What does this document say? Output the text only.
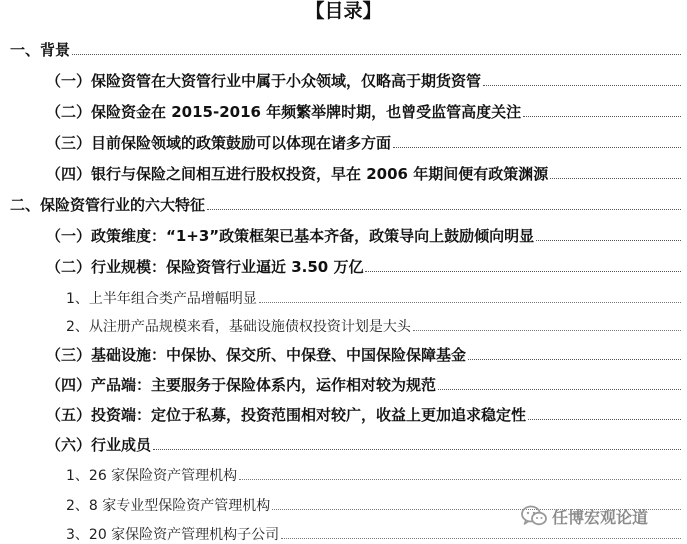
【目录】
一、背景
（一）保险资管在大资管行业中属于小众领域，仅略高于期货资管
（二）保险资金在 2015-2016 年频繁举牌时期，也曾受监管高度关注
（三）目前保险领域的政策鼓励可以体现在诸多方面
（四）银行与保险之间相互进行股权投资，早在 2006 年期间便有政策渊源
二、保险资管行业的六大特征
（一）政策维度：“1+3”政策框架已基本齐备，政策导向上鼓励倾向明显
（二）行业规模：保险资管行业逼近 3.50 万亿
1、上半年组合类产品增幅明显
2、从注册产品规模来看，基础设施债权投资计划是大头
（三）基础设施：中保协、保交所、中保登、中国保险保障基金
（四）产品端：主要服务于保险体系内，运作相对较为规范
（五）投资端：定位于私募，投资范围相对较广，收益上更加追求稳定性
（六）行业成员
1、26 家保险资产管理机构
2、8 家专业型保险资产管理机构
3、20 家保险资产管理机构子公司
任博宏观论道
